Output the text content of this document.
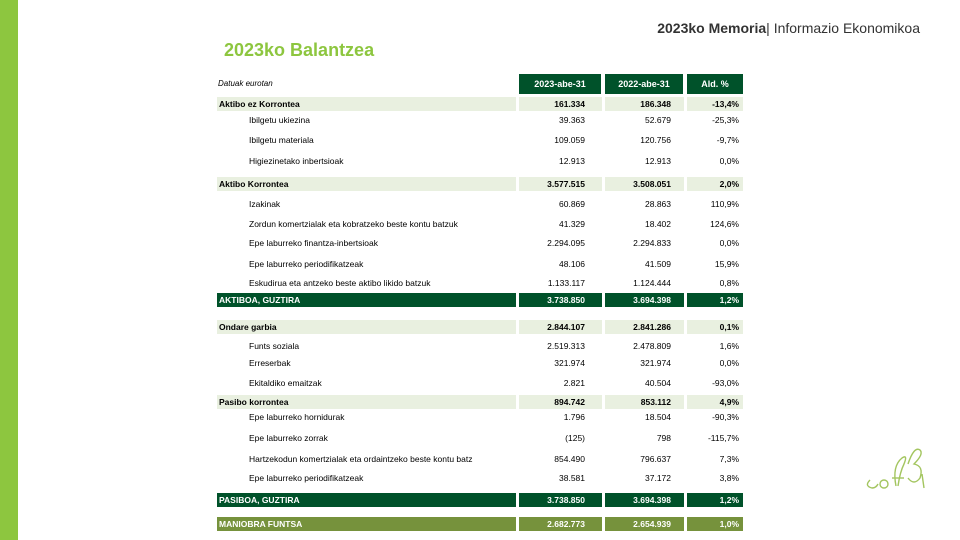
2023ko Memoria| Informazio Ekonomikoa
2023ko Balantzea
Datuak eurotan	2023-abe-31	2022-abe-31	Ald. %
Aktibo ez Korrontea	161.334	186.348	-13,4%
Ibilgetu ukiezina	39.363	52.679	-25,3%
Ibilgetu materiala	109.059	120.756	-9,7%
Higiezinetako inbertsioak	12.913	12.913	0,0%
Aktibo Korrontea	3.577.515	3.508.051	2,0%
Izakinak	60.869	28.863	110,9%
Zordun komertzialak eta kobratzeko beste kontu batzuk	41.329	18.402	124,6%
Epe laburreko finantza-inbertsioak	2.294.095	2.294.833	0,0%
Epe laburreko periodifikatzeak	48.106	41.509	15,9%
Eskudirua eta antzeko beste aktibo likido batzuk	1.133.117	1.124.444	0,8%
AKTIBOA, GUZTIRA	3.738.850	3.694.398	1,2%
Ondare garbia	2.844.107	2.841.286	0,1%
Funts soziala	2.519.313	2.478.809	1,6%
Erreserbak	321.974	321.974	0,0%
Ekitaldiko emaitzak	2.821	40.504	-93,0%
Pasibo korrontea	894.742	853.112	4,9%
Epe laburreko hornidurak	1.796	18.504	-90,3%
Epe laburreko zorrak	(125)	798	-115,7%
Hartzekodun komertzialak eta ordaintzeko beste kontu batz	854.490	796.637	7,3%
Epe laburreko periodifikatzeak	38.581	37.172	3,8%
PASIBOA, GUZTIRA	3.738.850	3.694.398	1,2%
MANIOBRA FUNTSA	2.682.773	2.654.939	1,0%
